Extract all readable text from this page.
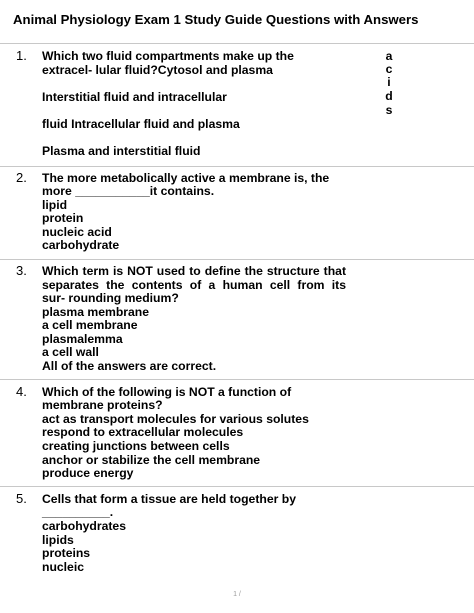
Animal Physiology Exam 1 Study Guide Questions with Answers
1. Which two fluid compartments make up the
extracel- lular fluid?Cytosol and plasma
Interstitial fluid and intracellular
fluid Intracellular fluid and plasma
Plasma and interstitial fluid
a
c
i
d
s
2. The more metabolically active a membrane is, the
more ___________it contains.
lipid
protein
nucleic acid
carbohydrate
3. Which term is NOT used to define the structure that
separates the contents of a human cell from its
sur- rounding medium?
plasma membrane
a cell membrane
plasmalemma
a cell wall
All of the answers are correct.
4. Which of the following is NOT a function of
membrane proteins?
act as transport molecules for various solutes
respond to extracellular molecules
creating junctions between cells
anchor or stabilize the cell membrane
produce energy
5. Cells that form a tissue are held together by
__________.
carbohydrates
lipids
proteins
nucleic
1 /
